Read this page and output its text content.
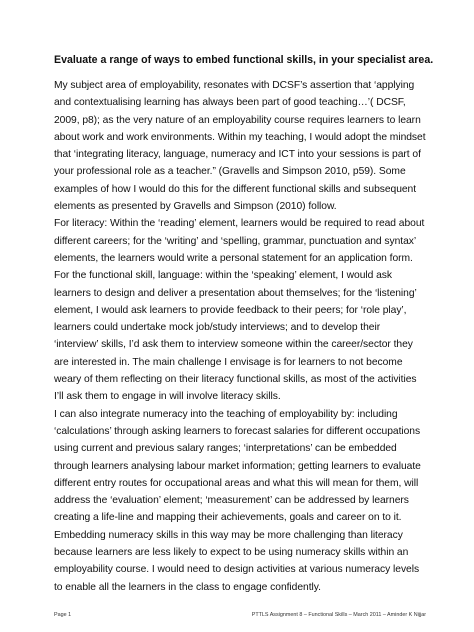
Evaluate a range of ways to embed functional skills, in your specialist area.

My subject area of employability, resonates with DCSF’s assertion that ‘applying and contextualising learning has always been part of good teaching…’( DCSF, 2009, p8); as the very nature of an employability course requires learners to learn about work and work environments. Within my teaching, I would adopt the mindset that ‘integrating literacy, language, numeracy and ICT into your sessions is part of your professional role as a teacher.” (Gravells and Simpson 2010, p59). Some examples of how I would do this for the different functional skills and subsequent elements as presented by Gravells and Simpson (2010) follow.

For literacy: Within the ‘reading’ element, learners would be required to read about different careers; for the ‘writing’ and ‘spelling, grammar, punctuation and syntax’ elements, the learners would write a personal statement for an application form. For the functional skill, language: within the ‘speaking’ element, I would ask learners to design and deliver a presentation about themselves; for the ‘listening’ element, I would ask learners to provide feedback to their peers; for ‘role play’, learners could undertake mock job/study interviews; and to develop their ‘interview’ skills, I’d ask them to interview someone within the career/sector they are interested in. The main challenge I envisage is for learners to not become weary of them reflecting on their literacy functional skills, as most of the activities I’ll ask them to engage in will involve literacy skills.

I can also integrate numeracy into the teaching of employability by: including ‘calculations’ through asking learners to forecast salaries for different occupations using current and previous salary ranges; ‘interpretations’ can be embedded through learners analysing labour market information; getting learners to evaluate different entry routes for occupational areas and what this will mean for them, will address the ‘evaluation’ element; ‘measurement’ can be addressed by learners creating a life-line and mapping their achievements, goals and career on to it. Embedding numeracy skills in this way may be more challenging than literacy because learners are less likely to expect to be using numeracy skills within an employability course. I would need to design activities at various numeracy levels to enable all the learners in the class to engage confidently.

Page 1	PTTLS Assignment 8 – Functional Skills – March 2011 – Aminder K Nijjar
